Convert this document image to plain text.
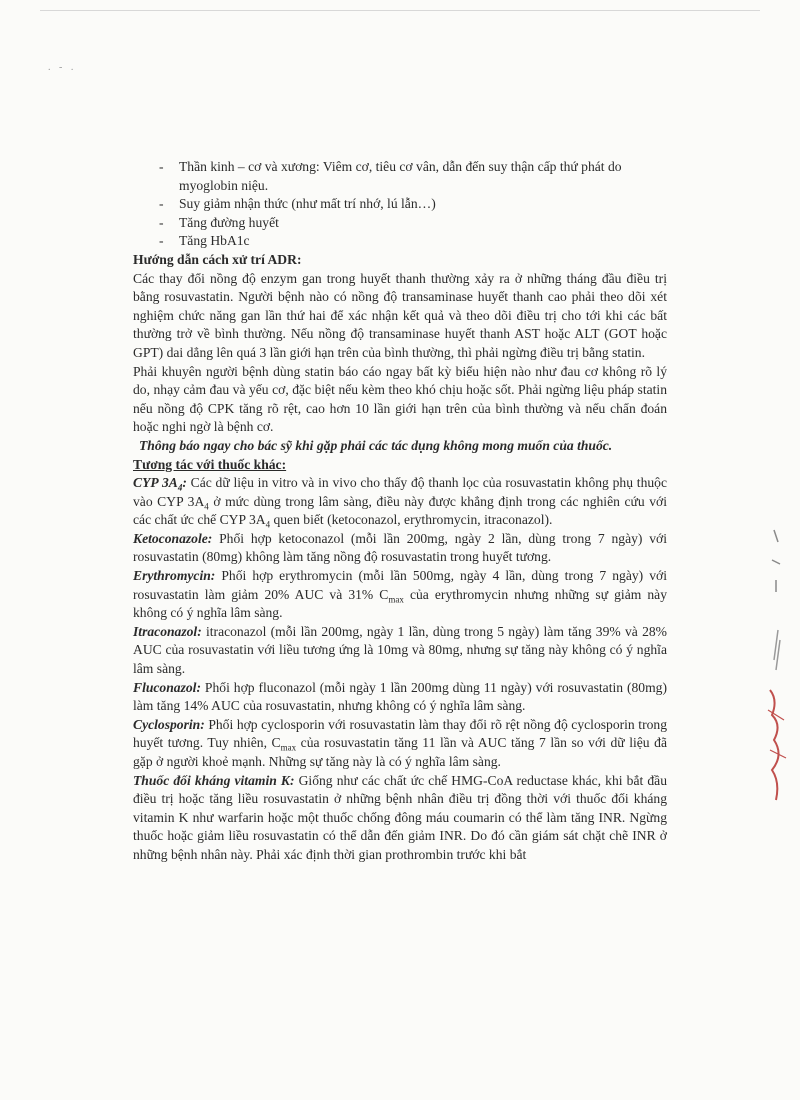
. - .
- Thần kinh – cơ và xương: Viêm cơ, tiêu cơ vân, dẫn đến suy thận cấp thứ phát do myoglobin niệu.
- Suy giảm nhận thức (như mất trí nhớ, lú lẫn…)
- Tăng đường huyết
- Tăng HbA1c
Hướng dẫn cách xử trí ADR:

Các thay đổi nồng độ enzym gan trong huyết thanh thường xảy ra ở những tháng đầu điều trị bằng rosuvastatin. Người bệnh nào có nồng độ transaminase huyết thanh cao phải theo dõi xét nghiệm chức năng gan lần thứ hai để xác nhận kết quả và theo dõi điều trị cho tới khi các bất thường trở về bình thường. Nếu nồng độ transaminase huyết thanh AST hoặc ALT (GOT hoặc GPT) dai dẳng lên quá 3 lần giới hạn trên của bình thường, thì phải ngừng điều trị bằng statin.

Phải khuyên người bệnh dùng statin báo cáo ngay bất kỳ biểu hiện nào như đau cơ không rõ lý do, nhạy cảm đau và yếu cơ, đặc biệt nếu kèm theo khó chịu hoặc sốt. Phải ngừng liệu pháp statin nếu nồng độ CPK tăng rõ rệt, cao hơn 10 lần giới hạn trên của bình thường và nếu chẩn đoán hoặc nghi ngờ là bệnh cơ.

Thông báo ngay cho bác sỹ khi gặp phải các tác dụng không mong muốn của thuốc.
Tương tác với thuốc khác:

CYP $3A_4$: Các dữ liệu in vitro và in vivo cho thấy độ thanh lọc của rosuvastatin không phụ thuộc vào CYP $3A_4$ ở mức dùng trong lâm sàng, điều này được khẳng định trong các nghiên cứu với các chất ức chế CYP $3A_4$ quen biết (ketoconazol, erythromycin, itraconazol).

Ketoconazole: Phối hợp ketoconazol (mỗi lần 200mg, ngày 2 lần, dùng trong 7 ngày) với rosuvastatin (80mg) không làm tăng nồng độ rosuvastatin trong huyết tương.

Erythromycin: Phối hợp erythromycin (mỗi lần 500mg, ngày 4 lần, dùng trong 7 ngày) với rosuvastatin làm giảm 20% AUC và 31% $C_{max}$ của erythromycin nhưng những sự giảm này không có ý nghĩa lâm sàng.

Itraconazol: itraconazol (mỗi lần 200mg, ngày 1 lần, dùng trong 5 ngày) làm tăng 39% và 28% AUC của rosuvastatin với liều tương ứng là 10mg và 80mg, nhưng sự tăng này không có ý nghĩa lâm sàng.

Fluconazol: Phối hợp fluconazol (mỗi ngày 1 lần 200mg dùng 11 ngày) với rosuvastatin (80mg) làm tăng 14% AUC của rosuvastatin, nhưng không có ý nghĩa lâm sàng.

Cyclosporin: Phối hợp cyclosporin với rosuvastatin làm thay đổi rõ rệt nồng độ cyclosporin trong huyết tương. Tuy nhiên, $C_{max}$ của rosuvastatin tăng 11 lần và AUC tăng 7 lần so với dữ liệu đã gặp ở người khoẻ mạnh. Những sự tăng này là có ý nghĩa lâm sàng.

Thuốc đối kháng vitamin K: Giống như các chất ức chế HMG-CoA reductase khác, khi bắt đầu điều trị hoặc tăng liều rosuvastatin ở những bệnh nhân điều trị đồng thời với thuốc đối kháng vitamin K như warfarin hoặc một thuốc chống đông máu coumarin có thể làm tăng INR. Ngừng thuốc hoặc giảm liều rosuvastatin có thể dẫn đến giảm INR. Do đó cần giám sát chặt chẽ INR ở những bệnh nhân này. Phải xác định thời gian prothrombin trước khi bắt
